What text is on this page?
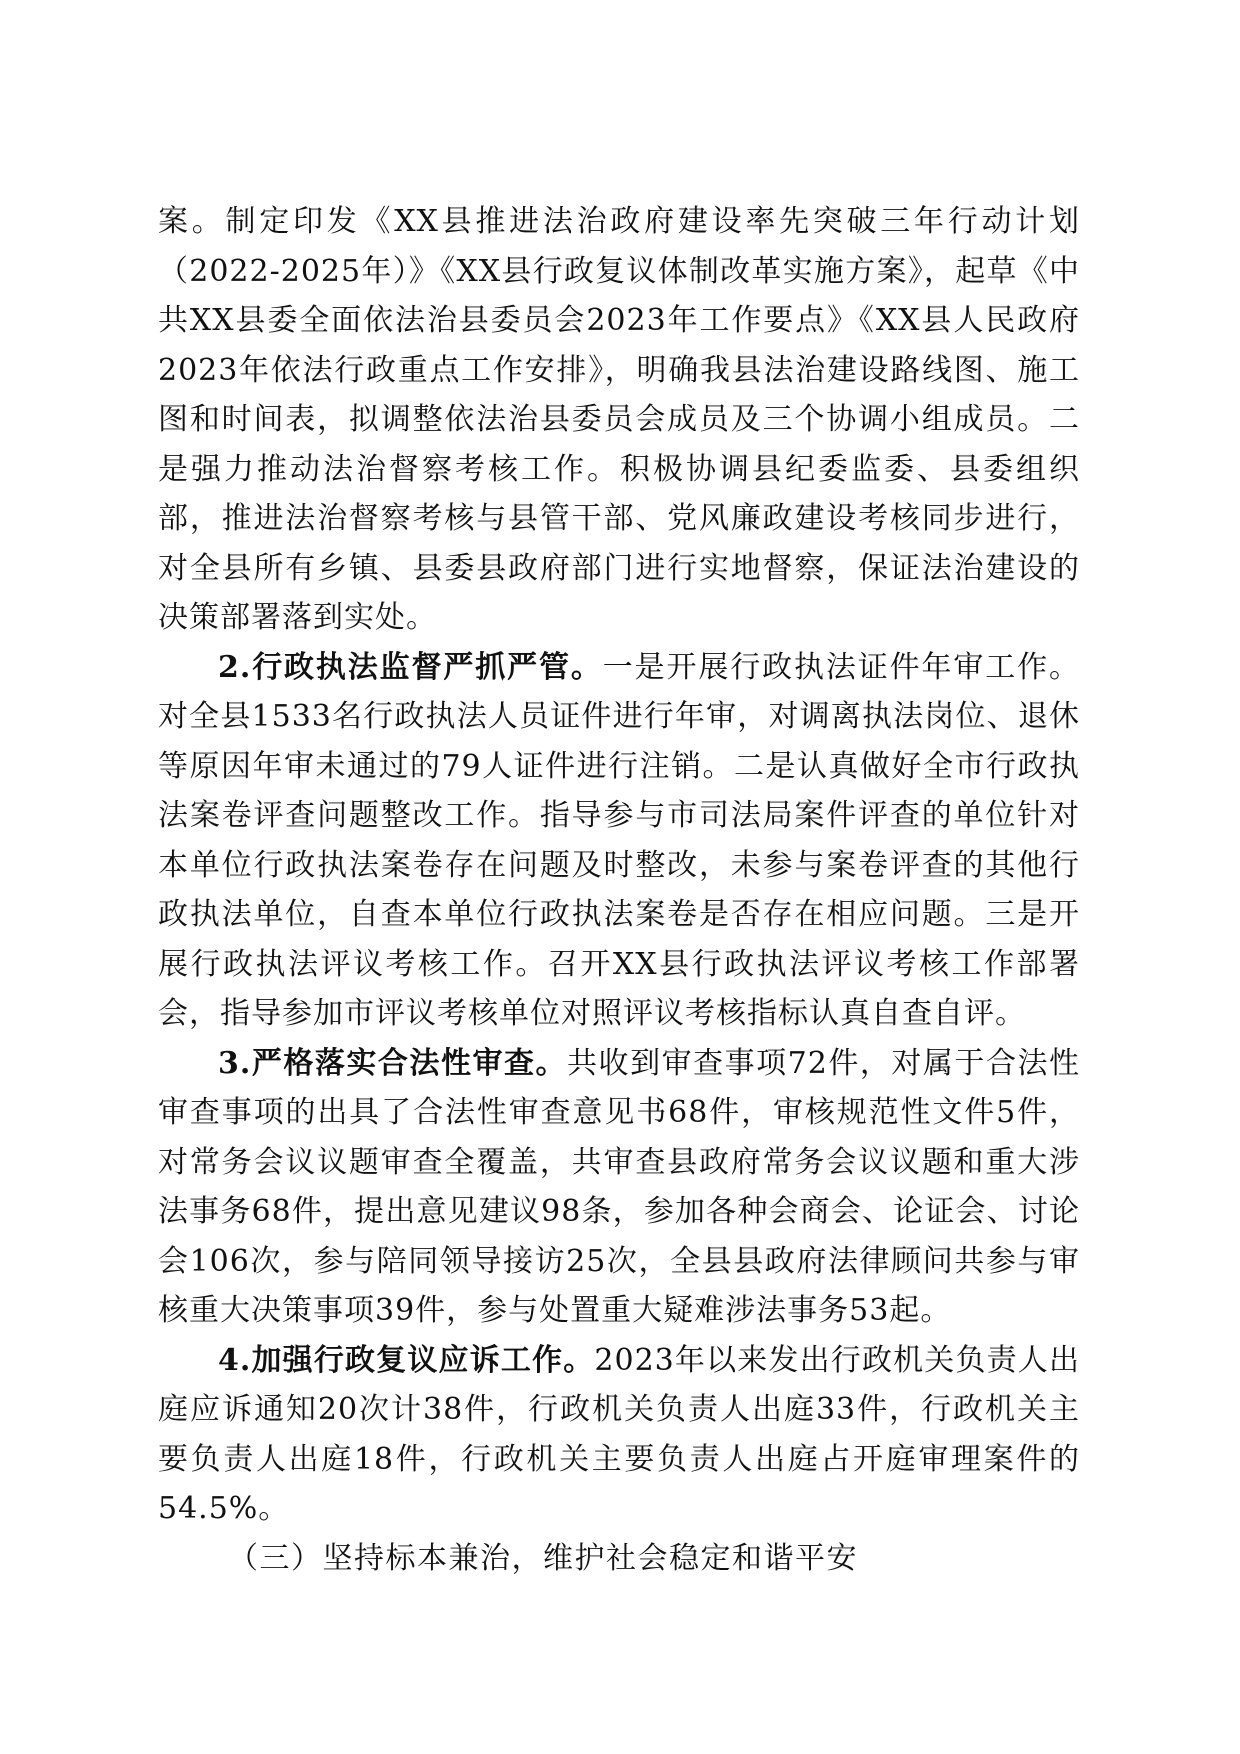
案。制定印发《XX县推进法治政府建设率先突破三年行动计划（2022-2025年）》《XX县行政复议体制改革实施方案》，起草《中共XX县委全面依法治县委员会2023年工作要点》《XX县人民政府2023年依法行政重点工作安排》，明确我县法治建设路线图、施工图和时间表，拟调整依法治县委员会成员及三个协调小组成员。二是强力推动法治督察考核工作。积极协调县纪委监委、县委组织部，推进法治督察考核与县管干部、党风廉政建设考核同步进行，对全县所有乡镇、县委县政府部门进行实地督察，保证法治建设的决策部署落到实处。

2.行政执法监督严抓严管。一是开展行政执法证件年审工作。对全县1533名行政执法人员证件进行年审，对调离执法岗位、退休等原因年审未通过的79人证件进行注销。二是认真做好全市行政执法案卷评查问题整改工作。指导参与市司法局案件评查的单位针对本单位行政执法案卷存在问题及时整改，未参与案卷评查的其他行政执法单位，自查本单位行政执法案卷是否存在相应问题。三是开展行政执法评议考核工作。召开XX县行政执法评议考核工作部署会，指导参加市评议考核单位对照评议考核指标认真自查自评。

3.严格落实合法性审查。共收到审查事项72件，对属于合法性审查事项的出具了合法性审查意见书68件，审核规范性文件5件，对常务会议议题审查全覆盖，共审查县政府常务会议议题和重大涉法事务68件，提出意见建议98条，参加各种会商会、论证会、讨论会106次，参与陪同领导接访25次，全县县政府法律顾问共参与审核重大决策事项39件，参与处置重大疑难涉法事务53起。

4.加强行政复议应诉工作。2023年以来发出行政机关负责人出庭应诉通知20次计38件，行政机关负责人出庭33件，行政机关主要负责人出庭18件，行政机关主要负责人出庭占开庭审理案件的54.5%。

（三）坚持标本兼治，维护社会稳定和谐平安
